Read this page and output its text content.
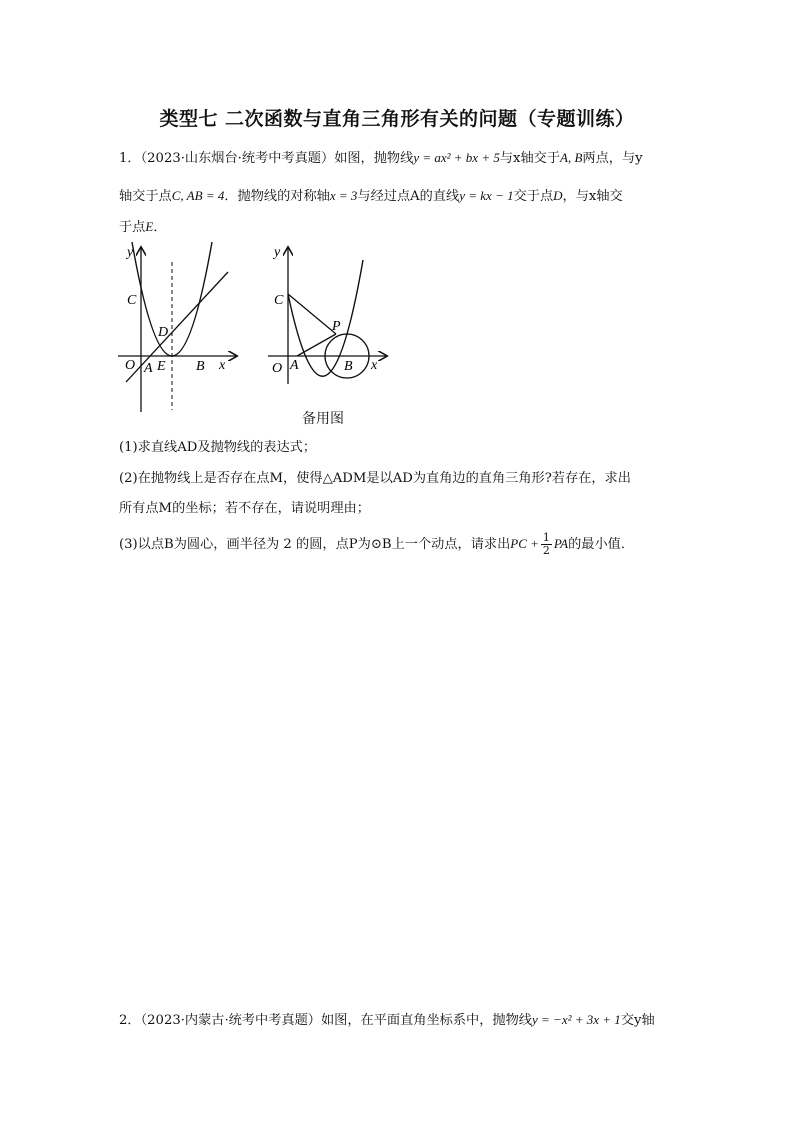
类型七 二次函数与直角三角形有关的问题（专题训练）
1．（2023·山东烟台·统考中考真题）如图，抛物线y = ax² + bx + 5与x轴交于A, B两点，与y
轴交于点C, AB = 4．抛物线的对称轴x = 3与经过点A的直线y = kx − 1交于点D，与x轴交
于点E．
y
C
D
O A E B x
y
C
P
O A	B x
备用图
(1)求直线AD及抛物线的表达式；
(2)在抛物线上是否存在点M，使得△ADM是以AD为直角边的直角三角形?若存在，求出
所有点M的坐标；若不存在，请说明理由；
(3)以点B为圆心，画半径为 2 的圆，点P为⊙B上一个动点，请求出PC + $\frac{1}{2}$ PA的最小值．
2．（2023·内蒙古·统考中考真题）如图，在平面直角坐标系中，抛物线y = −x² + 3x + 1交y轴
